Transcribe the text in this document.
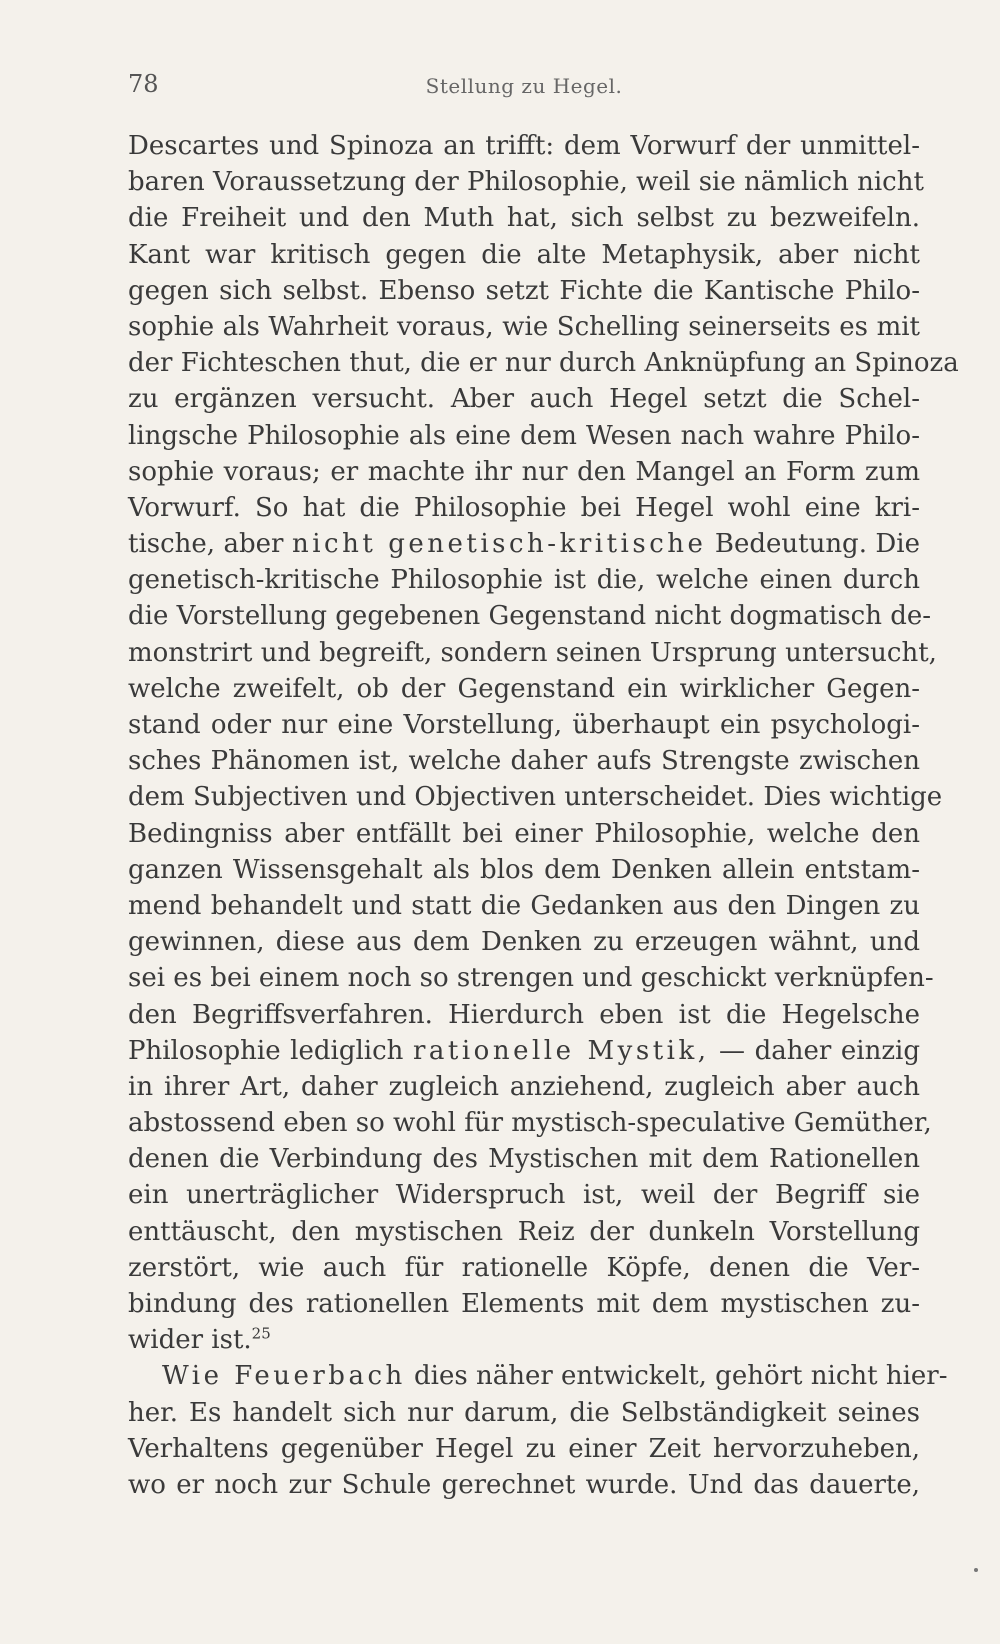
78	Stellung zu Hegel.
Descartes und Spinoza an trifft: dem Vorwurf der unmittel-
baren Voraussetzung der Philosophie, weil sie nämlich nicht
die Freiheit und den Muth hat, sich selbst zu bezweifeln.
Kant war kritisch gegen die alte Metaphysik, aber nicht
gegen sich selbst. Ebenso setzt Fichte die Kantische Philo-
sophie als Wahrheit voraus, wie Schelling seinerseits es mit
der Fichteschen thut, die er nur durch Anknüpfung an Spinoza
zu ergänzen versucht. Aber auch Hegel setzt die Schel-
lingsche Philosophie als eine dem Wesen nach wahre Philo-
sophie voraus; er machte ihr nur den Mangel an Form zum
Vorwurf. So hat die Philosophie bei Hegel wohl eine kri-
tische, aber nicht genetisch-kritische Bedeutung. Die
genetisch-kritische Philosophie ist die, welche einen durch
die Vorstellung gegebenen Gegenstand nicht dogmatisch de-
monstrirt und begreift, sondern seinen Ursprung untersucht,
welche zweifelt, ob der Gegenstand ein wirklicher Gegen-
stand oder nur eine Vorstellung, überhaupt ein psychologi-
sches Phänomen ist, welche daher aufs Strengste zwischen
dem Subjectiven und Objectiven unterscheidet. Dies wichtige
Bedingniss aber entfällt bei einer Philosophie, welche den
ganzen Wissensgehalt als blos dem Denken allein entstam-
mend behandelt und statt die Gedanken aus den Dingen zu
gewinnen, diese aus dem Denken zu erzeugen wähnt, und
sei es bei einem noch so strengen und geschickt verknüpfen-
den Begriffsverfahren. Hierdurch eben ist die Hegelsche
Philosophie lediglich rationelle Mystik, — daher einzig
in ihrer Art, daher zugleich anziehend, zugleich aber auch
abstossend eben so wohl für mystisch-speculative Gemüther,
denen die Verbindung des Mystischen mit dem Rationellen
ein unerträglicher Widerspruch ist, weil der Begriff sie
enttäuscht, den mystischen Reiz der dunkeln Vorstellung
zerstört, wie auch für rationelle Köpfe, denen die Ver-
bindung des rationellen Elements mit dem mystischen zu-
wider ist.$^{25}$
Wie Feuerbach dies näher entwickelt, gehört nicht hier-
her. Es handelt sich nur darum, die Selbständigkeit seines
Verhaltens gegenüber Hegel zu einer Zeit hervorzuheben,
wo er noch zur Schule gerechnet wurde. Und das dauerte,
